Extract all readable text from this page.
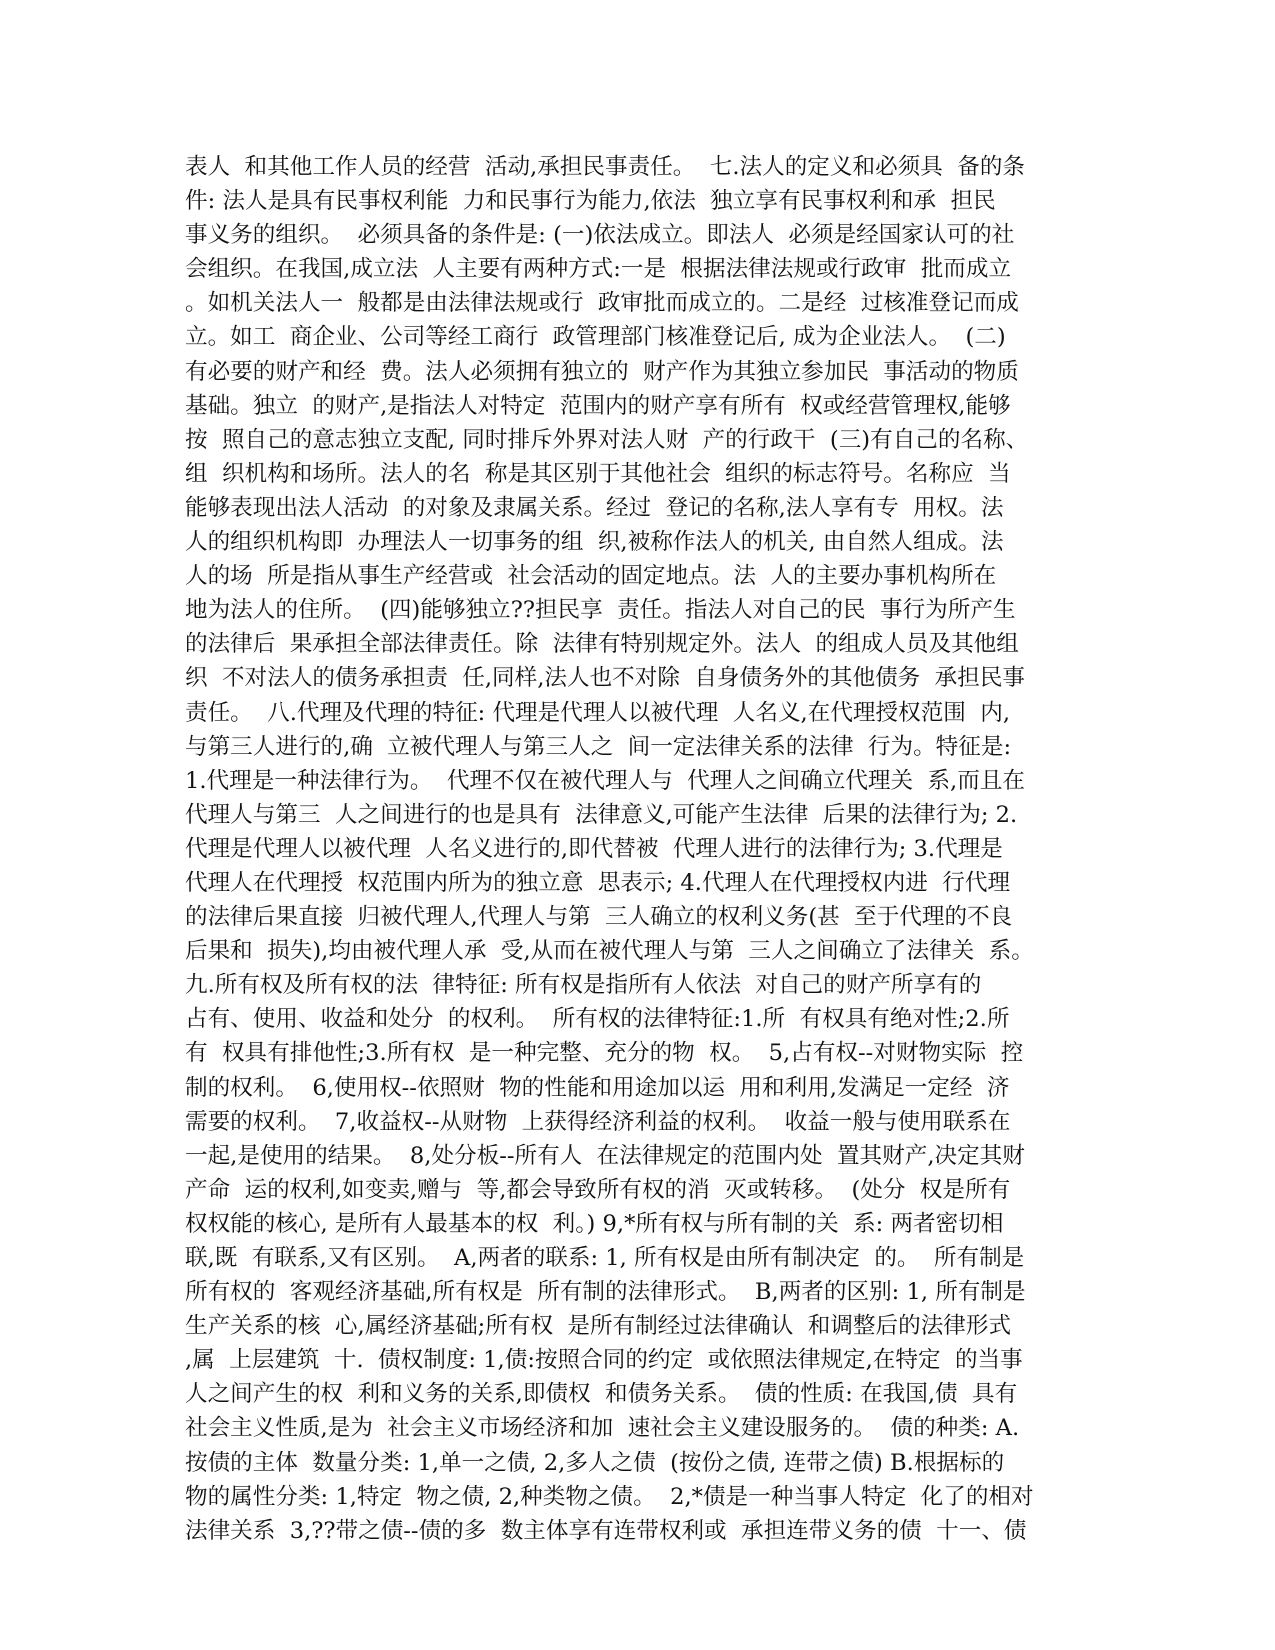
表人  和其他工作人员的经营  活动,承担民事责任。  七.法人的定义和必须具  备的条
件: 法人是具有民事权利能  力和民事行为能力,依法  独立享有民事权利和承  担民
事义务的组织。  必须具备的条件是: (一)依法成立。即法人  必须是经国家认可的社
会组织。在我国,成立法  人主要有两种方式:一是  根据法律法规或行政审  批而成立
。如机关法人一  般都是由法律法规或行  政审批而成立的。二是经  过核准登记而成
立。如工  商企业、公司等经工商行  政管理部门核准登记后, 成为企业法人。  (二)
有必要的财产和经  费。法人必须拥有独立的  财产作为其独立参加民  事活动的物质
基础。独立  的财产,是指法人对特定  范围内的财产享有所有  权或经营管理权,能够
按  照自己的意志独立支配, 同时排斥外界对法人财  产的行政干  (三)有自己的名称、
组  织机构和场所。法人的名  称是其区别于其他社会  组织的标志符号。名称应  当
能够表现出法人活动  的对象及隶属关系。经过  登记的名称,法人享有专  用权。法
人的组织机构即  办理法人一切事务的组  织,被称作法人的机关, 由自然人组成。法
人的场  所是指从事生产经营或  社会活动的固定地点。法  人的主要办事机构所在
地为法人的住所。  (四)能够独立??担民享  责任。指法人对自己的民  事行为所产生
的法律后  果承担全部法律责任。除  法律有特别规定外。法人  的组成人员及其他组
织  不对法人的债务承担责  任,同样,法人也不对除  自身债务外的其他债务  承担民事
责任。  八.代理及代理的特征: 代理是代理人以被代理  人名义,在代理授权范围  内,
与第三人进行的,确  立被代理人与第三人之  间一定法律关系的法律  行为。特征是:
1.代理是一种法律行为。  代理不仅在被代理人与  代理人之间确立代理关  系,而且在
代理人与第三  人之间进行的也是具有  法律意义,可能产生法律  后果的法律行为; 2.
代理是代理人以被代理  人名义进行的,即代替被  代理人进行的法律行为; 3.代理是
代理人在代理授  权范围内所为的独立意  思表示; 4.代理人在代理授权内进  行代理
的法律后果直接  归被代理人,代理人与第  三人确立的权利义务(甚  至于代理的不良
后果和  损失),均由被代理人承  受,从而在被代理人与第  三人之间确立了法律关  系。
九.所有权及所有权的法  律特征: 所有权是指所有人依法  对自己的财产所享有的
占有、使用、收益和处分  的权利。  所有权的法律特征:1.所  有权具有绝对性;2.所
有  权具有排他性;3.所有权  是一种完整、充分的物  权。  5,占有权--对财物实际  控
制的权利。  6,使用权--依照财  物的性能和用途加以运  用和利用,发满足一定经  济
需要的权利。  7,收益权--从财物  上获得经济利益的权利。  收益一般与使用联系在
一起,是使用的结果。  8,处分板--所有人  在法律规定的范围内处  置其财产,决定其财
产命  运的权利,如变卖,赠与  等,都会导致所有权的消  灭或转移。  (处分  权是所有
权权能的核心, 是所有人最基本的权  利。) 9,*所有权与所有制的关  系: 两者密切相
联,既  有联系,又有区别。  A,两者的联系: 1, 所有权是由所有制决定  的。  所有制是
所有权的  客观经济基础,所有权是  所有制的法律形式。  B,两者的区别: 1, 所有制是
生产关系的核  心,属经济基础;所有权  是所有制经过法律确认  和调整后的法律形式
,属  上层建筑  十.  债权制度: 1,债:按照合同的约定  或依照法律规定,在特定  的当事
人之间产生的权  利和义务的关系,即债权  和债务关系。  债的性质: 在我国,债  具有
社会主义性质,是为  社会主义市场经济和加  速社会主义建设服务的。  债的种类: A.
按债的主体  数量分类: 1,单一之债, 2,多人之债  (按份之债, 连带之债) B.根据标的
物的属性分类: 1,特定  物之债, 2,种类物之债。  2,*债是一种当事人特定  化了的相对
法律关系  3,??带之债--债的多  数主体享有连带权利或  承担连带义务的债  十一、债
